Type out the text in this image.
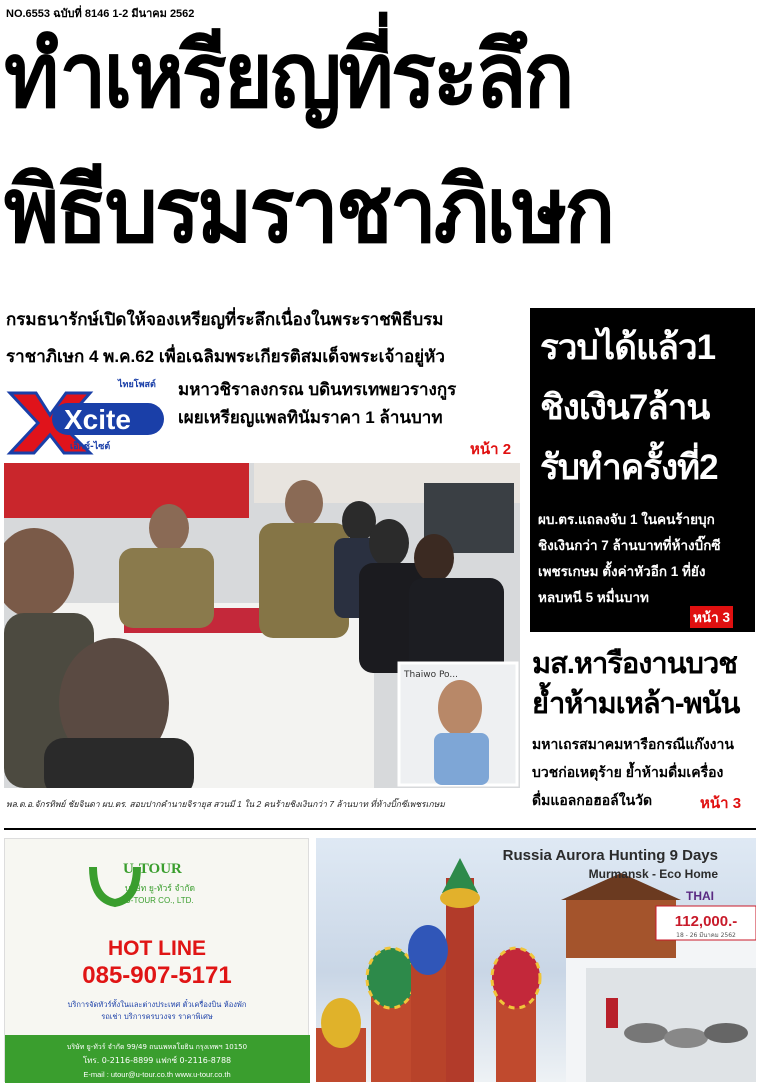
NO.6553 ฉบับที่ 8146 1-2 มีนาคม 2562
ทำเหรียญที่ระลึก
พิธีบรมราชาภิเษก
กรมธนารักษ์เปิดให้จองเหรียญที่ระลึกเนื่องในพระราชพิธีบรม
ราชาภิเษก 4 พ.ค.62 เพื่อเฉลิมพระเกียรติสมเด็จพระเจ้าอยู่หัว
ไทยโพสต์
Xcite
เอ็กซ์-ไซต์
มหาวชิราลงกรณ บดินทรเทพยวรางกูร
เผยเหรียญแพลทินัมราคา 1 ล้านบาท
หน้า 2
Thaiwo Po...
พล.ต.อ.จักรทิพย์ ชัยจินดา ผบ.ตร. สอบปากคำนายจิรายุส สวนมี 1 ใน 2 คนร้ายชิงเงินกว่า 7 ล้านบาท ที่ห้างบิ๊กซีเพชรเกษม
รวบได้แล้ว1
ชิงเงิน7ล้าน
รับทำครั้งที่2
ผบ.ตร.แถลงจับ 1 ในคนร้ายบุก
ชิงเงินกว่า 7 ล้านบาทที่ห้างบิ๊กซี
เพชรเกษม ตั้งค่าหัวอีก 1 ที่ยัง
หลบหนี 5 หมื่นบาท
หน้า 3
มส.หารืองานบวช
ย้ำห้ามเหล้า-พนัน
มหาเถรสมาคมหารือกรณีแก๊งงาน
บวชก่อเหตุร้าย ย้ำห้ามดื่มเครื่อง
ดื่มแอลกอฮอล์ในวัด	หน้า 3
U-TOUR
บริษัท ยู-ทัวร์ จำกัด
U-TOUR CO., LTD.
HOT LINE
085-907-5171
บริการจัดทัวร์ทั้งในและต่างประเทศ ตั๋วเครื่องบิน ห้องพัก
รถเช่า บริการครบวงจร ราคาพิเศษ
บริษัท ยู-ทัวร์ จำกัด 99/49 ถนนพหลโยธิน กรุงเทพฯ 10150
โทร. 0-2116-8899 แฟกซ์ 0-2116-8788
E-mail : utour@u-tour.co.th www.u-tour.co.th
Russia Aurora Hunting 9 Days
Murmansk - Eco Home
THAI
112,000.-
18 - 26 มีนาคม 2562
